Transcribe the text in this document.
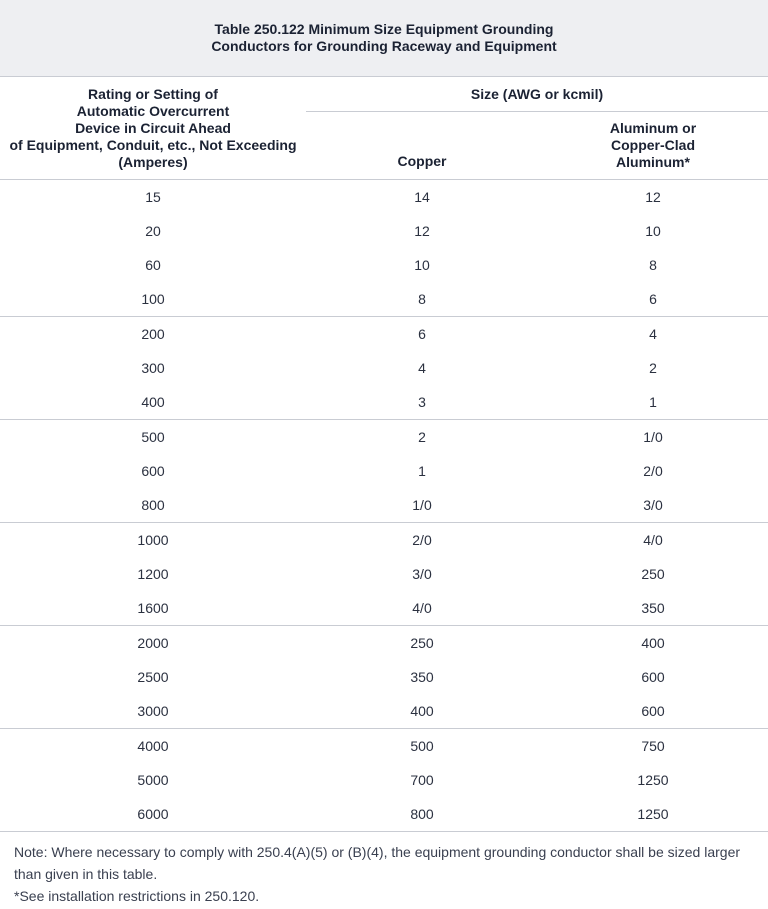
Table 250.122 Minimum Size Equipment Grounding
Conductors for Grounding Raceway and Equipment
Rating or Setting of
Automatic Overcurrent
Device in Circuit Ahead
of Equipment, Conduit, etc., Not Exceeding
(Amperes)
Size (AWG or kcmil)
Copper
Aluminum or
Copper-Clad
Aluminum*
15	14	12
20	12	10
60	10	8
100	8	6
200	6	4
300	4	2
400	3	1
500	2	1/0
600	1	2/0
800	1/0	3/0
1000	2/0	4/0
1200	3/0	250
1600	4/0	350
2000	250	400
2500	350	600
3000	400	600
4000	500	750
5000	700	1250
6000	800	1250

Note: Where necessary to comply with 250.4(A)(5) or (B)(4), the equipment grounding conductor shall be sized larger than given in this table.

*See installation restrictions in 250.120.
